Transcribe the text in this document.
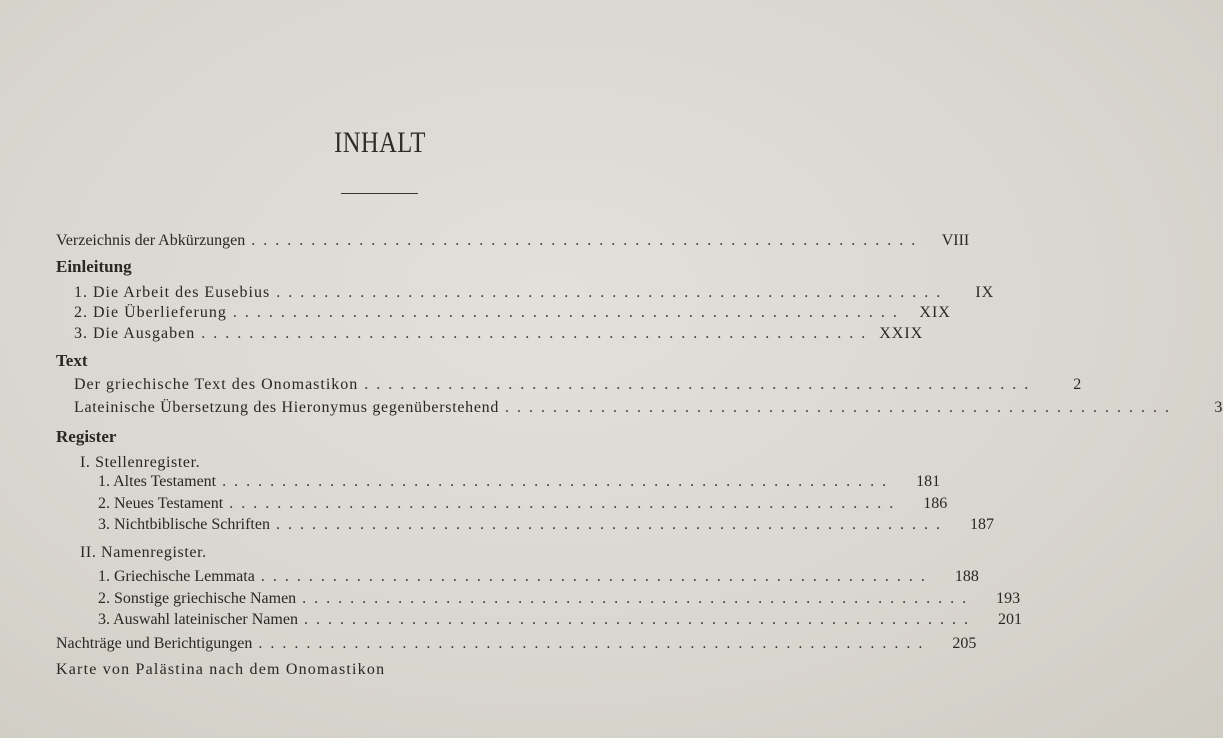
INHALT
Verzeichnis der Abkürzungen ........................................................	VIII
Einleitung
1. Die Arbeit des Eusebius ........................................................	IX
2. Die Überlieferung ........................................................ XIX
3. Die Ausgaben ........................................................ XXIX
Text
Der griechische Text des Onomastikon ........................................................	2
Lateinische Übersetzung des Hieronymus gegenüberstehend ........................................................	3
Register
I. Stellenregister.
1. Altes Testament ........................................................	181
2. Neues Testament ........................................................	186
3. Nichtbiblische Schriften ........................................................	187
II. Namenregister.
1. Griechische Lemmata ........................................................	188
2. Sonstige griechische Namen ........................................................	193
3. Auswahl lateinischer Namen ........................................................	201
Nachträge und Berichtigungen ........................................................	205
Karte von Palästina nach dem Onomastikon
